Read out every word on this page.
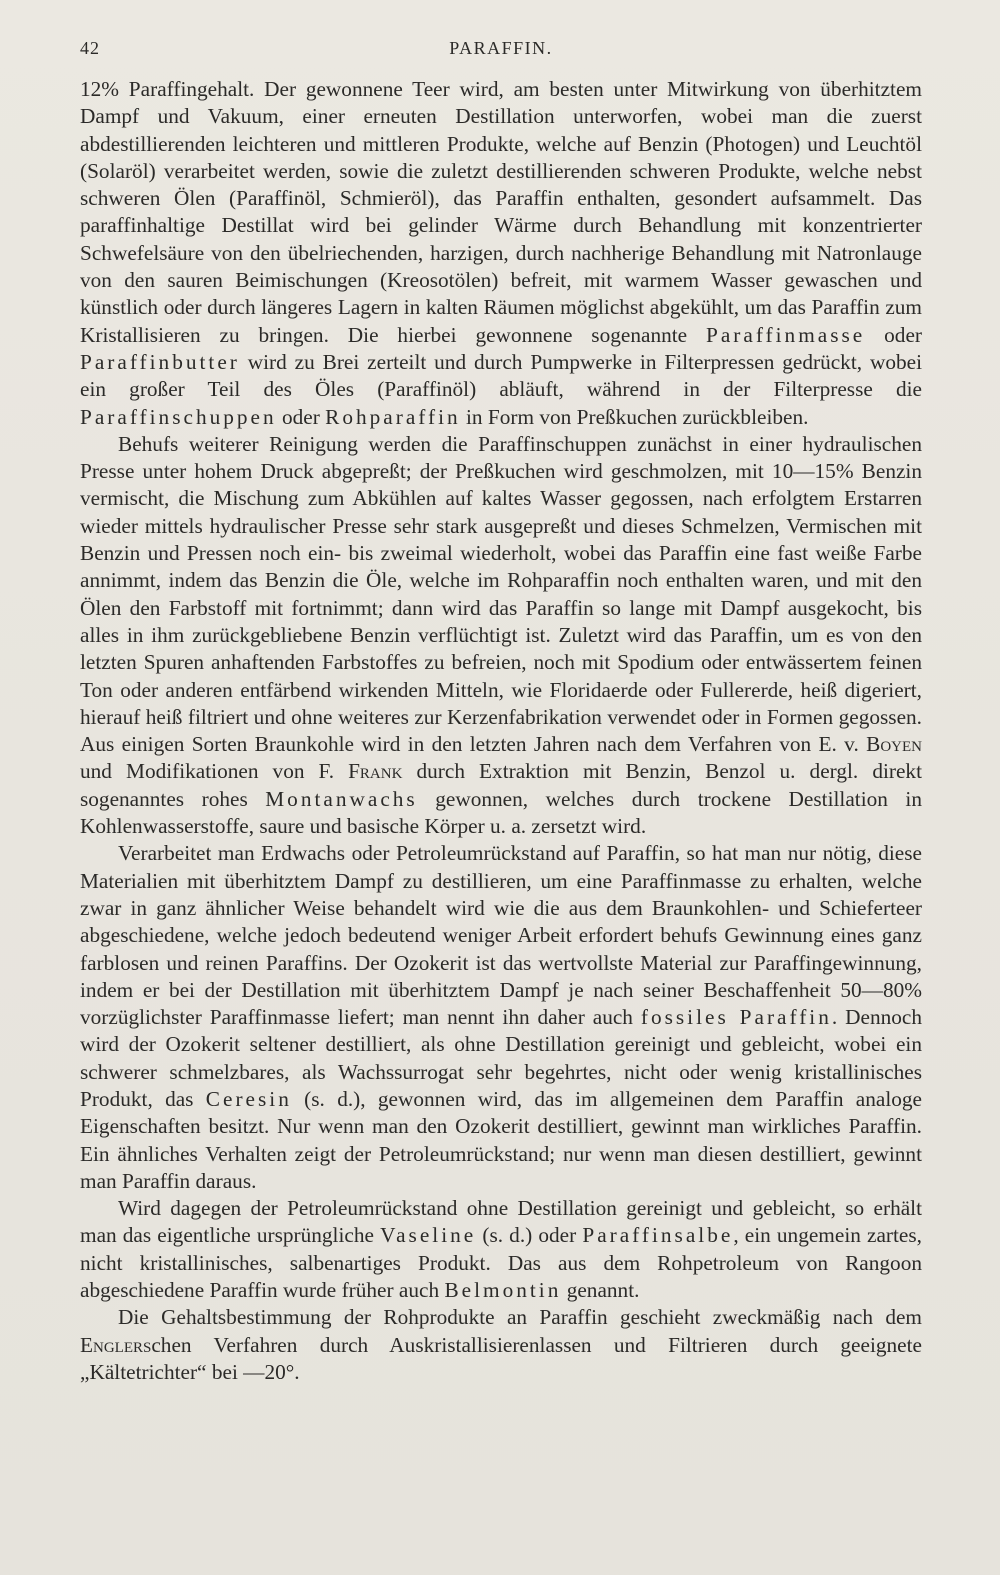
42	PARAFFIN.

12% Paraffingehalt. Der gewonnene Teer wird, am besten unter Mitwirkung von überhitztem Dampf und Vakuum, einer erneuten Destillation unterworfen, wobei man die zuerst abdestillierenden leichteren und mittleren Produkte, welche auf Benzin (Photogen) und Leuchtöl (Solaröl) verarbeitet werden, sowie die zuletzt destillierenden schweren Produkte, welche nebst schweren Ölen (Paraffinöl, Schmieröl), das Paraffin enthalten, gesondert aufsammelt. Das paraffinhaltige Destillat wird bei gelinder Wärme durch Behandlung mit konzentrierter Schwefelsäure von den übelriechenden, harzigen, durch nachherige Behandlung mit Natronlauge von den sauren Beimischungen (Kreosotölen) befreit, mit warmem Wasser gewaschen und künstlich oder durch längeres Lagern in kalten Räumen möglichst abgekühlt, um das Paraffin zum Kristallisieren zu bringen. Die hierbei gewonnene sogenannte Paraffinmasse oder Paraffinbutter wird zu Brei zerteilt und durch Pumpwerke in Filterpressen gedrückt, wobei ein großer Teil des Öles (Paraffinöl) abläuft, während in der Filterpresse die Paraffinschuppen oder Rohparaffin in Form von Preßkuchen zurückbleiben.

Behufs weiterer Reinigung werden die Paraffinschuppen zunächst in einer hydraulischen Presse unter hohem Druck abgepreßt; der Preßkuchen wird geschmolzen, mit 10—15% Benzin vermischt, die Mischung zum Abkühlen auf kaltes Wasser gegossen, nach erfolgtem Erstarren wieder mittels hydraulischer Presse sehr stark ausgepreßt und dieses Schmelzen, Vermischen mit Benzin und Pressen noch ein- bis zweimal wiederholt, wobei das Paraffin eine fast weiße Farbe annimmt, indem das Benzin die Öle, welche im Rohparaffin noch enthalten waren, und mit den Ölen den Farbstoff mit fortnimmt; dann wird das Paraffin so lange mit Dampf ausgekocht, bis alles in ihm zurückgebliebene Benzin verflüchtigt ist. Zuletzt wird das Paraffin, um es von den letzten Spuren anhaftenden Farbstoffes zu befreien, noch mit Spodium oder entwässertem feinen Ton oder anderen entfärbend wirkenden Mitteln, wie Floridaerde oder Fullererde, heiß digeriert, hierauf heiß filtriert und ohne weiteres zur Kerzenfabrikation verwendet oder in Formen gegossen. Aus einigen Sorten Braunkohle wird in den letzten Jahren nach dem Verfahren von E. v. Boyen und Modifikationen von F. Frank durch Extraktion mit Benzin, Benzol u. dergl. direkt sogenanntes rohes Montanwachs gewonnen, welches durch trockene Destillation in Kohlenwasserstoffe, saure und basische Körper u. a. zersetzt wird.

Verarbeitet man Erdwachs oder Petroleumrückstand auf Paraffin, so hat man nur nötig, diese Materialien mit überhitztem Dampf zu destillieren, um eine Paraffinmasse zu erhalten, welche zwar in ganz ähnlicher Weise behandelt wird wie die aus dem Braunkohlen- und Schieferteer abgeschiedene, welche jedoch bedeutend weniger Arbeit erfordert behufs Gewinnung eines ganz farblosen und reinen Paraffins. Der Ozokerit ist das wertvollste Material zur Paraffingewinnung, indem er bei der Destillation mit überhitztem Dampf je nach seiner Beschaffenheit 50—80% vorzüglichster Paraffinmasse liefert; man nennt ihn daher auch fossiles Paraffin. Dennoch wird der Ozokerit seltener destilliert, als ohne Destillation gereinigt und gebleicht, wobei ein schwerer schmelzbares, als Wachssurrogat sehr begehrtes, nicht oder wenig kristallinisches Produkt, das Ceresin (s. d.), gewonnen wird, das im allgemeinen dem Paraffin analoge Eigenschaften besitzt. Nur wenn man den Ozokerit destilliert, gewinnt man wirkliches Paraffin. Ein ähnliches Verhalten zeigt der Petroleumrückstand; nur wenn man diesen destilliert, gewinnt man Paraffin daraus.

Wird dagegen der Petroleumrückstand ohne Destillation gereinigt und gebleicht, so erhält man das eigentliche ursprüngliche Vaseline (s. d.) oder Paraffinsalbe, ein ungemein zartes, nicht kristallinisches, salbenartiges Produkt. Das aus dem Rohpetroleum von Rangoon abgeschiedene Paraffin wurde früher auch Belmontin genannt.

Die Gehaltsbestimmung der Rohprodukte an Paraffin geschieht zweckmäßig nach dem Englerschen Verfahren durch Auskristallisierenlassen und Filtrieren durch geeignete „Kältetrichter“ bei —20°.
